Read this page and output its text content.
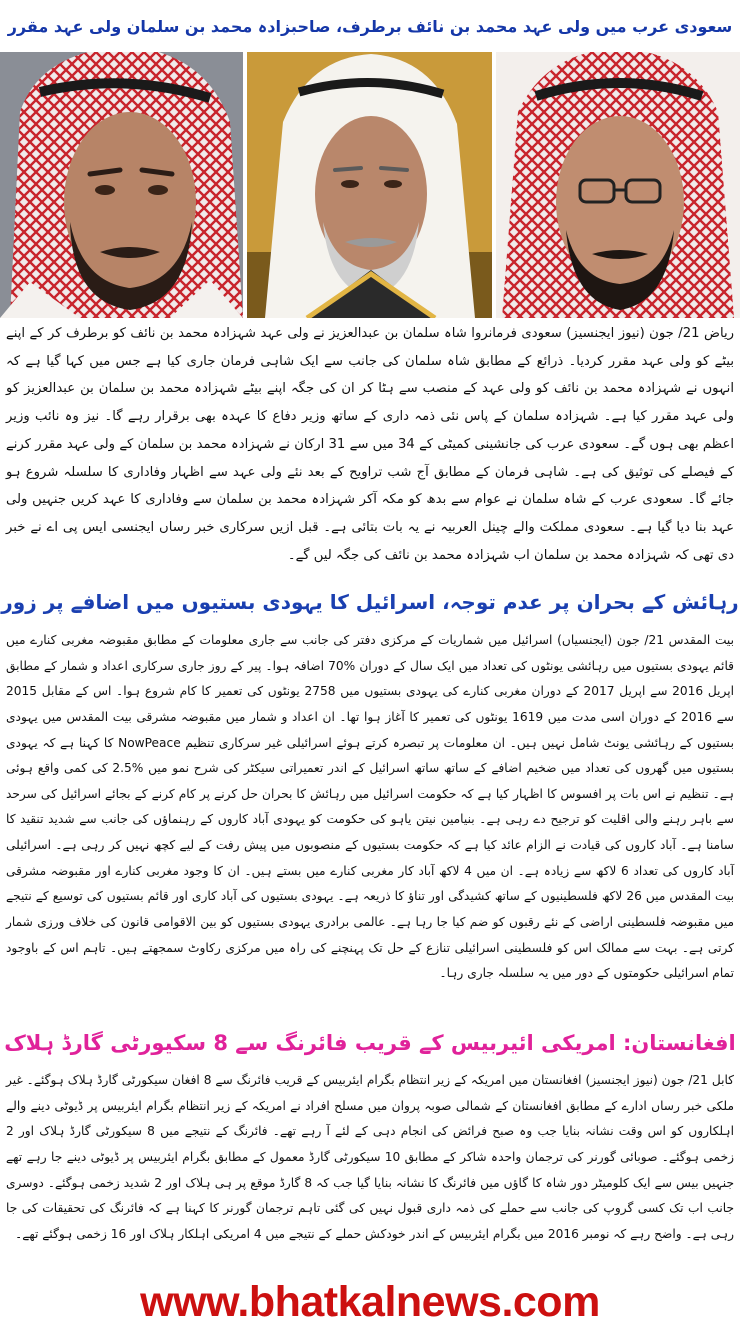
سعودی عرب میں ولی عہد محمد بن نائف برطرف، صاحبزادہ محمد بن سلمان ولی عہد مقرر
ریاض 21/ جون (نیوز ایجنسیز) سعودی فرمانروا شاہ سلمان بن عبدالعزیز نے ولی عہد شہزادہ محمد بن نائف کو برطرف کر کے اپنے بیٹے کو ولی عہد مقرر کردیا۔ ذرائع کے مطابق شاہ سلمان کی جانب سے ایک شاہی فرمان جاری کیا ہے جس میں کہا گیا ہے کہ انہوں نے شہزادہ محمد بن نائف کو ولی عہد کے منصب سے ہٹا کر ان کی جگہ اپنے بیٹے شہزادہ محمد بن سلمان بن عبدالعزیز کو ولی عہد مقرر کیا ہے۔ شہزادہ سلمان کے پاس نئی ذمہ داری کے ساتھ وزیر دفاع کا عہدہ بھی برقرار رہے گا۔ نیز وہ نائب وزیر اعظم بھی ہوں گے۔ سعودی عرب کی جانشینی کمیٹی کے 34 میں سے 31 ارکان نے شہزادہ محمد بن سلمان کے ولی عہد مقرر کرنے کے فیصلے کی توثیق کی ہے۔ شاہی فرمان کے مطابق آج شب تراویح کے بعد نئے ولی عہد سے اظہار وفاداری کا سلسلہ شروع ہو جائے گا۔ سعودی عرب کے شاہ سلمان نے عوام سے بدھ کو مکہ آکر شہزادہ محمد بن سلمان سے وفاداری کا عہد کریں جنہیں ولی عہد بنا دیا گیا ہے۔ سعودی مملکت والے چینل العربیہ نے یہ بات بتائی ہے۔ قبل ازیں سرکاری خبر رساں ایجنسی ایس پی اے نے خبر دی تھی کہ شہزادہ محمد بن سلمان اب شہزادہ محمد بن نائف کی جگہ لیں گے۔
رہائش کے بحران پر عدم توجہ، اسرائیل کا یہودی بستیوں میں اضافے پر زور
بیت المقدس 21/ جون (ایجنسیاں) اسرائیل میں شماریات کے مرکزی دفتر کی جانب سے جاری معلومات کے مطابق مقبوضہ مغربی کنارے میں قائم یہودی بستیوں میں رہائشی یونٹوں کی تعداد میں ایک سال کے دوران %70 اضافہ ہوا۔ پیر کے روز جاری سرکاری اعداد و شمار کے مطابق اپریل 2016 سے اپریل 2017 کے دوران مغربی کنارے کی یہودی بستیوں میں 2758 یونٹوں کی تعمیر کا کام شروع ہوا۔ اس کے مقابل 2015 سے 2016 کے دوران اسی مدت میں 1619 یونٹوں کی تعمیر کا آغاز ہوا تھا۔ ان اعداد و شمار میں مقبوضہ مشرقی بیت المقدس میں یہودی بستیوں کے رہائشی یونٹ شامل نہیں ہیں۔ ان معلومات پر تبصرہ کرتے ہوئے اسرائیلی غیر سرکاری تنظیم NowPeace کا کہنا ہے کہ یہودی بستیوں میں گھروں کی تعداد میں ضخیم اضافے کے ساتھ ساتھ اسرائیل کے اندر تعمیراتی سیکٹر کی شرح نمو میں %2.5 کی کمی واقع ہوئی ہے۔ تنظیم نے اس بات پر افسوس کا اظہار کیا ہے کہ حکومت اسرائیل میں رہائش کا بحران حل کرنے پر کام کرنے کے بجائے اسرائیل کی سرحد سے باہر رہنے والی اقلیت کو ترجیح دے رہی ہے۔ بنیامین نیتن یاہو کی حکومت کو یہودی آباد کاروں کے رہنماؤں کی جانب سے شدید تنقید کا سامنا ہے۔ آباد کاروں کی قیادت نے الزام عائد کیا ہے کہ حکومت بستیوں کے منصوبوں میں پیش رفت کے لیے کچھ نہیں کر رہی ہے۔ اسرائیلی آباد کاروں کی تعداد 6 لاکھ سے زیادہ ہے۔ ان میں 4 لاکھ آباد کار مغربی کنارے میں بستے ہیں۔ ان کا وجود مغربی کنارے اور مقبوضہ مشرقی بیت المقدس میں 26 لاکھ فلسطینیوں کے ساتھ کشیدگی اور تناؤ کا ذریعہ ہے۔ یہودی بستیوں کی آباد کاری اور قائم بستیوں کی توسیع کے نتیجے میں مقبوضہ فلسطینی اراضی کے نئے رقبوں کو ضم کیا جا رہا ہے۔ عالمی برادری یہودی بستیوں کو بین الاقوامی قانون کی خلاف ورزی شمار کرتی ہے۔ بہت سے ممالک اس کو فلسطینی اسرائیلی تنازع کے حل تک پہنچنے کی راہ میں مرکزی رکاوٹ سمجھتے ہیں۔ تاہم اس کے باوجود تمام اسرائیلی حکومتوں کے دور میں یہ سلسلہ جاری رہا۔
افغانستان: امریکی ائیربیس کے قریب فائرنگ سے 8 سکیورٹی گارڈ ہلاک
کابل 21/ جون (نیوز ایجنسیز) افغانستان میں امریکہ کے زیر انتظام بگرام ایئربیس کے قریب فائرنگ سے 8 افغان سیکورٹی گارڈ ہلاک ہوگئے۔ غیر ملکی خبر رساں ادارے کے مطابق افغانستان کے شمالی صوبہ پروان میں مسلح افراد نے امریکہ کے زیر انتظام بگرام ایئربیس پر ڈیوٹی دینے والے اہلکاروں کو اس وقت نشانہ بنایا جب وہ صبح فرائض کی انجام دہی کے لئے آ رہے تھے۔ فائرنگ کے نتیجے میں 8 سیکورٹی گارڈ ہلاک اور 2 زخمی ہوگئے۔ صوبائی گورنر کی ترجمان واحدہ شاکر کے مطابق 10 سیکورٹی گارڈ معمول کے مطابق بگرام ایئربیس پر ڈیوٹی دینے جا رہے تھے جنہیں بیس سے ایک کلومیٹر دور شاہ کا گاؤں میں فائرنگ کا نشانہ بنایا گیا جب کہ 8 گارڈ موقع پر ہی ہلاک اور 2 شدید زخمی ہوگئے۔ دوسری جانب اب تک کسی گروپ کی جانب سے حملے کی ذمہ داری قبول نہیں کی گئی تاہم ترجمان گورنر کا کہنا ہے کہ فائرنگ کی تحقیقات کی جا رہی ہے۔ واضح رہے کہ نومبر 2016 میں بگرام ایئربیس کے اندر خودکش حملے کے نتیجے میں 4 امریکی اہلکار ہلاک اور 16 زخمی ہوگئے تھے۔
www.bhatkalnews.com
